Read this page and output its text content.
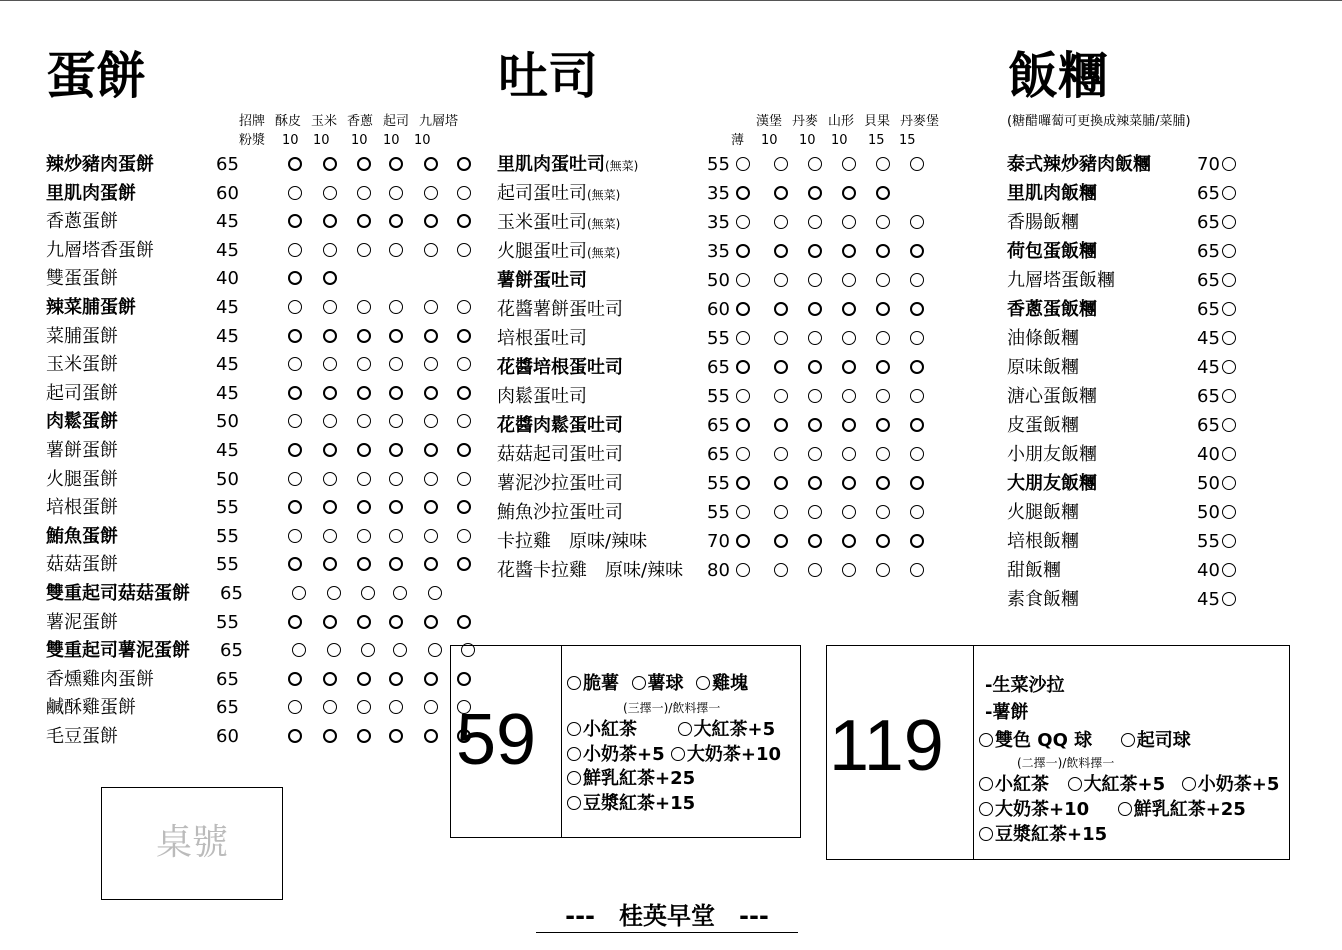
蛋餅	吐司	飯糰
(糖醋囉蔔可更換成辣菜脯/菜脯)
招牌 酥皮 玉米 香蔥 起司 九層塔
粉漿 10 10 10 10 10
漢堡 丹麥 山形 貝果 丹麥堡
薄 10 10 10 15 15
辣炒豬肉蛋餅	65
里肌肉蛋餅	60
香蔥蛋餅	45
九層塔香蛋餅	45
雙蛋蛋餅	40
辣菜脯蛋餅	45
菜脯蛋餅	45
玉米蛋餅	45
起司蛋餅	45
肉鬆蛋餅	50
薯餅蛋餅	45
火腿蛋餅	50
培根蛋餅	55
鮪魚蛋餅	55
菇菇蛋餅	55
雙重起司菇菇蛋餅 65
薯泥蛋餅	55
雙重起司薯泥蛋餅 65
香燻雞肉蛋餅	65
鹹酥雞蛋餅	65
毛豆蛋餅	60
里肌肉蛋吐司(無菜)	55
起司蛋吐司(無菜)	35
玉米蛋吐司(無菜)	35
火腿蛋吐司(無菜)	35
薯餅蛋吐司	50
花醬薯餅蛋吐司	60
培根蛋吐司	55
花醬培根蛋吐司	65
肉鬆蛋吐司	55
花醬肉鬆蛋吐司	65
菇菇起司蛋吐司	65
薯泥沙拉蛋吐司	55
鮪魚沙拉蛋吐司	55
卡拉雞　原味/辣味	70
花醬卡拉雞　原味/辣味 80
泰式辣炒豬肉飯糰	70
里肌肉飯糰	65
香腸飯糰	65
荷包蛋飯糰	65
九層塔蛋飯糰	65
香蔥蛋飯糰	65
油條飯糰	45
原味飯糰	45
溏心蛋飯糰	65
皮蛋飯糰	65
小朋友飯糰	40
大朋友飯糰	50
火腿飯糰	50
培根飯糰	55
甜飯糰	40
素食飯糰	45
59
脆薯 薯球 雞塊
(三擇一)/飲料擇一
小紅茶	大紅茶+5
小奶茶+5 大奶茶+10
鮮乳紅茶+25
豆漿紅茶+15
119
-生菜沙拉
-薯餅
雙色 QQ 球 起司球
(二擇一)/飲料擇一
小紅茶 大紅茶+5 小奶茶+5
大奶茶+10 鮮乳紅茶+25
豆漿紅茶+15
桌號
---　桂英早堂　---
